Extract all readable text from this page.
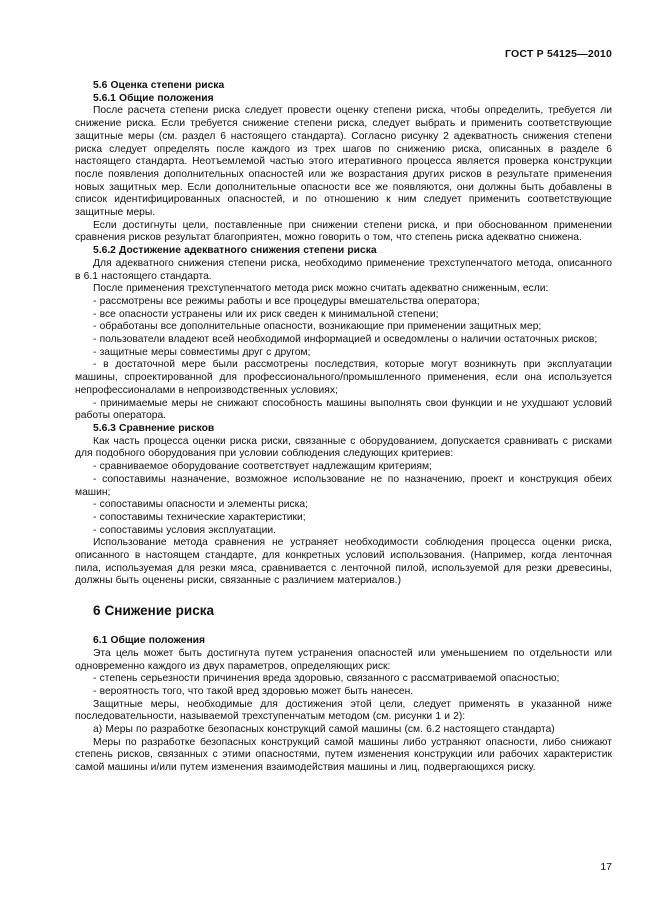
ГОСТ Р 54125—2010

5.6 Оценка степени риска

5.6.1 Общие положения

После расчета степени риска следует провести оценку степени риска, чтобы определить, требуется ли снижение риска. Если требуется снижение степени риска, следует выбрать и применить соответствующие защитные меры (см. раздел 6 настоящего стандарта). Согласно рисунку 2 адекватность снижения степени риска следует определять после каждого из трех шагов по снижению риска, описанных в разделе 6 настоящего стандарта. Неотъемлемой частью этого итеративного процесса является проверка конструкции после появления дополнительных опасностей или же возрастания других рисков в результате применения новых защитных мер. Если дополнительные опасности все же появляются, они должны быть добавлены в список идентифицированных опасностей, и по отношению к ним следует применить соответствующие защитные меры.

Если достигнуты цели, поставленные при снижении степени риска, и при обоснованном применении сравнения рисков результат благоприятен, можно говорить о том, что степень риска адекватно снижена.

5.6.2 Достижение адекватного снижения степени риска

Для адекватного снижения степени риска, необходимо применение трехступенчатого метода, описанного в 6.1 настоящего стандарта.

После применения трехступенчатого метода риск можно считать адекватно сниженным, если:

- рассмотрены все режимы работы и все процедуры вмешательства оператора;

- все опасности устранены или их риск сведен к минимальной степени;

- обработаны все дополнительные опасности, возникающие при применении защитных мер;

- пользователи владеют всей необходимой информацией и осведомлены о наличии остаточных рисков;

- защитные меры совместимы друг с другом;

- в достаточной мере были рассмотрены последствия, которые могут возникнуть при эксплуатации машины, спроектированной для профессионального/промышленного применения, если она используется непрофессионалами в непроизводственных условиях;

- принимаемые меры не снижают способность машины выполнять свои функции и не ухудшают условий работы оператора.

5.6.3 Сравнение рисков

Как часть процесса оценки риска риски, связанные с оборудованием, допускается сравнивать с рисками для подобного оборудования при условии соблюдения следующих критериев:

- сравниваемое оборудование соответствует надлежащим критериям;

- сопоставимы назначение, возможное использование не по назначению, проект и конструкция обеих машин;

- сопоставимы опасности и элементы риска;

- сопоставимы технические характеристики;

- сопоставимы условия эксплуатации.

Использование метода сравнения не устраняет необходимости соблюдения процесса оценки риска, описанного в настоящем стандарте, для конкретных условий использования. (Например, когда ленточная пила, используемая для резки мяса, сравнивается с ленточной пилой, используемой для резки древесины, должны быть оценены риски, связанные с различием материалов.)

6 Снижение риска

6.1 Общие положения

Эта цель может быть достигнута путем устранения опасностей или уменьшением по отдельности или одновременно каждого из двух параметров, определяющих риск:

- степень серьезности причинения вреда здоровью, связанного с рассматриваемой опасностью;

- вероятность того, что такой вред здоровью может быть нанесен.

Защитные меры, необходимые для достижения этой цели, следует применять в указанной ниже последовательности, называемой трехступенчатым методом (см. рисунки 1 и 2):

а) Меры по разработке безопасных конструкций самой машины (см. 6.2 настоящего стандарта)

Меры по разработке безопасных конструкций самой машины либо устраняют опасности, либо снижают степень рисков, связанных с этими опасностями, путем изменения конструкции или рабочих характеристик самой машины и/или путем изменения взаимодействия машины и лиц, подвергающихся риску.

17
